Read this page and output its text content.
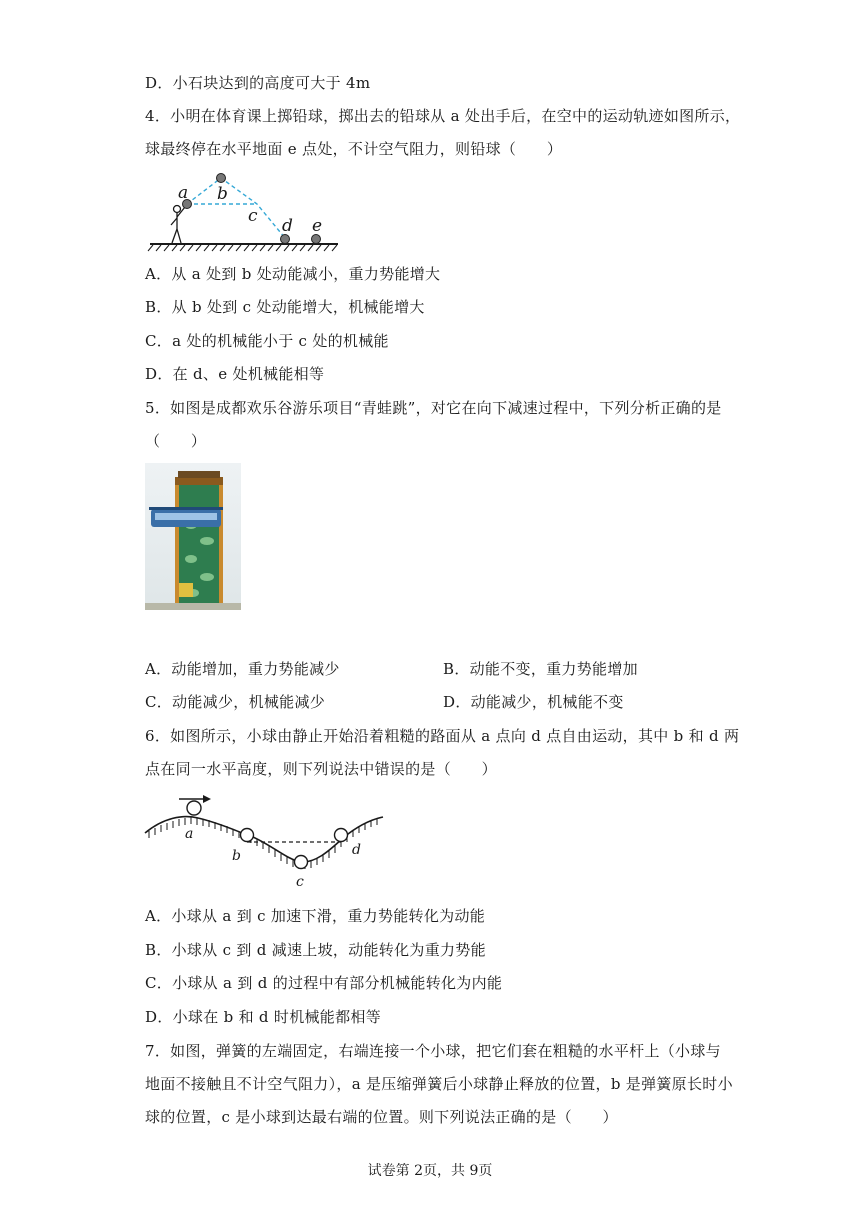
D．小石块达到的高度可大于 4m
4．小明在体育课上掷铅球，掷出去的铅球从 a 处出手后，在空中的运动轨迹如图所示，
球最终停在水平地面 e 点处，不计空气阻力，则铅球（　　）
a b
c d e
A．从 a 处到 b 处动能减小，重力势能增大
B．从 b 处到 c 处动能增大，机械能增大
C．a 处的机械能小于 c 处的机械能
D．在 d、e 处机械能相等
5．如图是成都欢乐谷游乐项目“青蛙跳”，对它在向下减速过程中，下列分析正确的是
（　　）
A．动能增加，重力势能减少	B．动能不变，重力势能增加
C．动能减少，机械能减少	D．动能减少，机械能不变
6．如图所示，小球由静止开始沿着粗糙的路面从 a 点向 d 点自由运动，其中 b 和 d 两
点在同一水平高度，则下列说法中错误的是（　　）
a
b
c
d
A．小球从 a 到 c 加速下滑，重力势能转化为动能
B．小球从 c 到 d 减速上坡，动能转化为重力势能
C．小球从 a 到 d 的过程中有部分机械能转化为内能
D．小球在 b 和 d 时机械能都相等
7．如图，弹簧的左端固定，右端连接一个小球，把它们套在粗糙的水平杆上（小球与
地面不接触且不计空气阻力），a 是压缩弹簧后小球静止释放的位置，b 是弹簧原长时小
球的位置，c 是小球到达最右端的位置。则下列说法正确的是（　　）
试卷第 2页，共 9页
